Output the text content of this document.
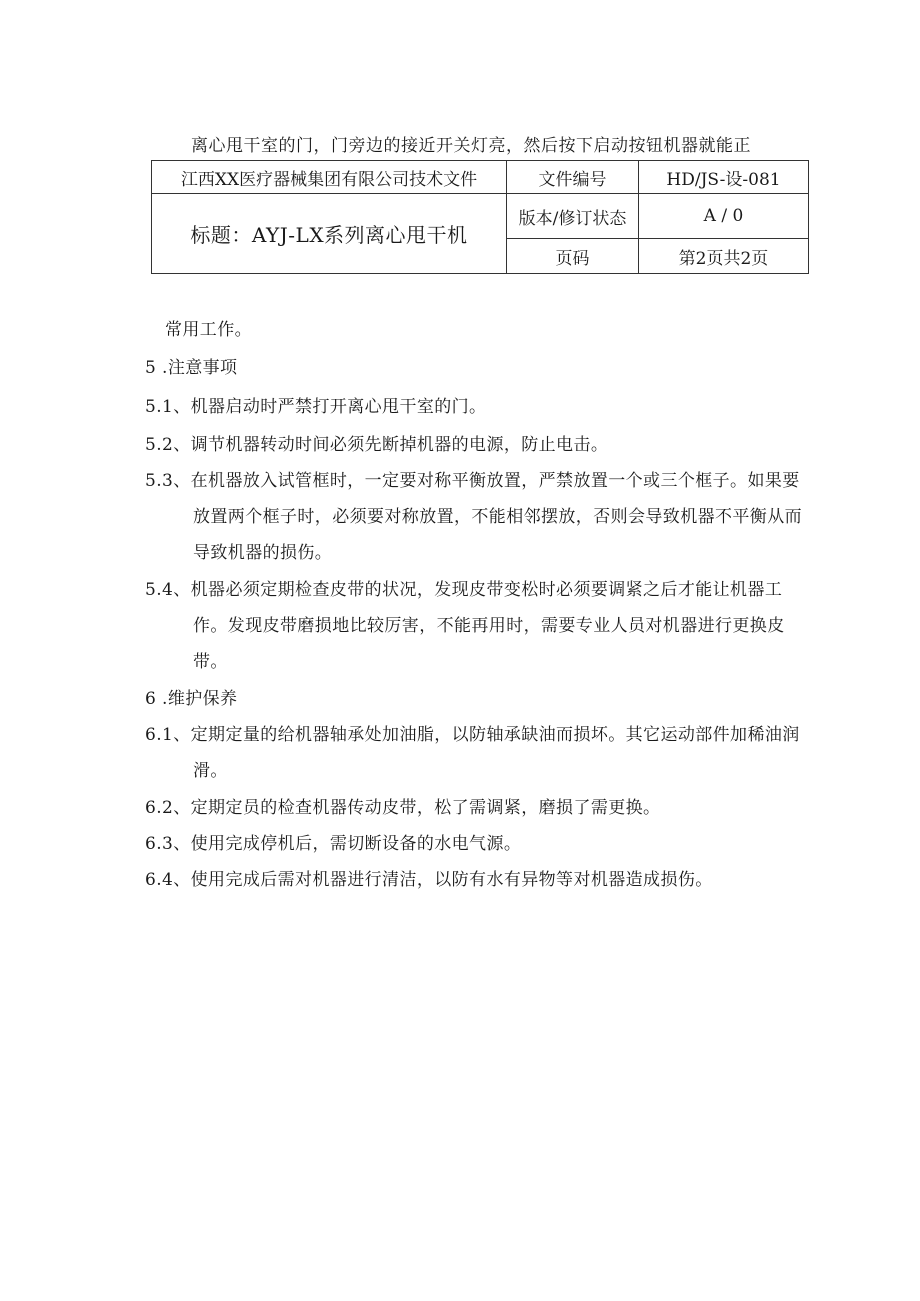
离心甩干室的门，门旁边的接近开关灯亮，然后按下启动按钮机器就能正
江西XX医疗器械集团有限公司技术文件	文件编号	HD/JS-设-081
标题：AYJ-LX系列离心甩干机	版本/修订状态	A / 0
	页码	第2页共2页
常用工作。
5 .注意事项
5.1、机器启动时严禁打开离心甩干室的门。
5.2、调节机器转动时间必须先断掉机器的电源，防止电击。
5.3、在机器放入试管框时，一定要对称平衡放置，严禁放置一个或三个框子。如果要
放置两个框子时，必须要对称放置，不能相邻摆放，否则会导致机器不平衡从而
导致机器的损伤。
5.4、机器必须定期检查皮带的状况，发现皮带变松时必须要调紧之后才能让机器工
作。发现皮带磨损地比较厉害，不能再用时，需要专业人员对机器进行更换皮
带。
6 .维护保养
6.1、定期定量的给机器轴承处加油脂，以防轴承缺油而损坏。其它运动部件加稀油润
滑。
6.2、定期定员的检查机器传动皮带，松了需调紧，磨损了需更换。
6.3、使用完成停机后，需切断设备的水电气源。
6.4、使用完成后需对机器进行清洁，以防有水有异物等对机器造成损伤。
